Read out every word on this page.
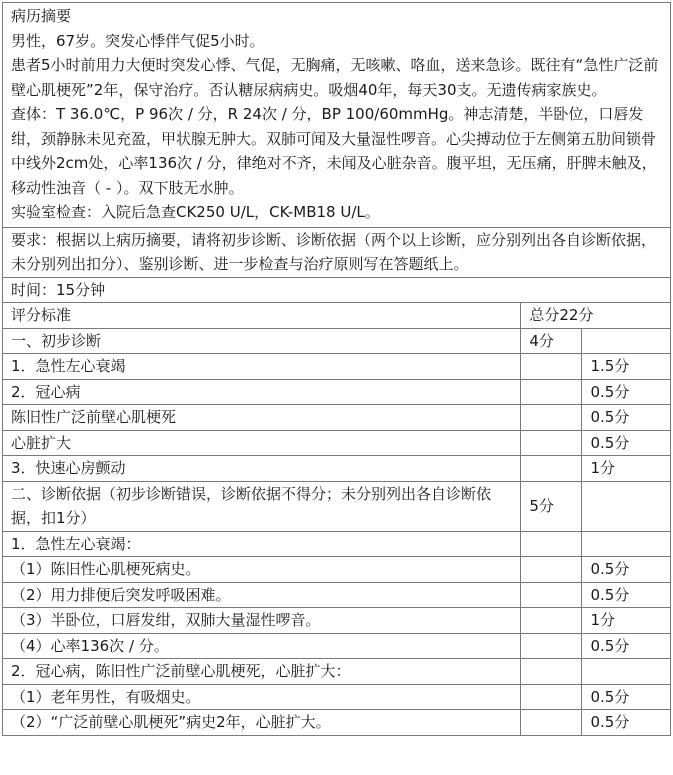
病历摘要

男性，67岁。突发心悸伴气促5小时。

患者5小时前用力大便时突发心悸、气促，无胸痛，无咳嗽、咯血，送来急诊。既往有“急性广泛前壁心肌梗死”2年，保守治疗。否认糖尿病病史。吸烟40年，每天30支。无遗传病家族史。

查体：T 36.0℃，P 96次 / 分，R 24次 / 分，BP 100/60mmHg。神志清楚，半卧位，口唇发绀，颈静脉未见充盈，甲状腺无肿大。双肺可闻及大量湿性啰音。心尖搏动位于左侧第五肋间锁骨中线外2cm处，心率136次 / 分，律绝对不齐，未闻及心脏杂音。腹平坦，无压痛，肝脾未触及，移动性浊音（ - ）。双下肢无水肿。

实验室检查：入院后急查CK250 U/L，CK-MB18 U/L。		

要求：根据以上病历摘要，请将初步诊断、诊断依据（两个以上诊断，应分别列出各自诊断依据，未分别列出扣分）、鉴别诊断、进一步检查与治疗原则写在答题纸上。		
时间：15分钟		
评分标准	总分22分	
一、初步诊断	4分	
1．急性左心衰竭		1.5分
2．冠心病		0.5分
陈旧性广泛前壁心肌梗死		0.5分
心脏扩大		0.5分
3．快速心房颤动		1分
二、诊断依据（初步诊断错误，诊断依据不得分；未分别列出各自诊断依据，扣1分）	5分	
1．急性左心衰竭：		
（1）陈旧性心肌梗死病史。		0.5分
（2）用力排便后突发呼吸困难。		0.5分
（3）半卧位，口唇发绀，双肺大量湿性啰音。		1分
（4）心率136次 / 分。		0.5分
2．冠心病，陈旧性广泛前壁心肌梗死，心脏扩大：		
（1）老年男性，有吸烟史。		0.5分
（2）“广泛前壁心肌梗死”病史2年，心脏扩大。		0.5分
